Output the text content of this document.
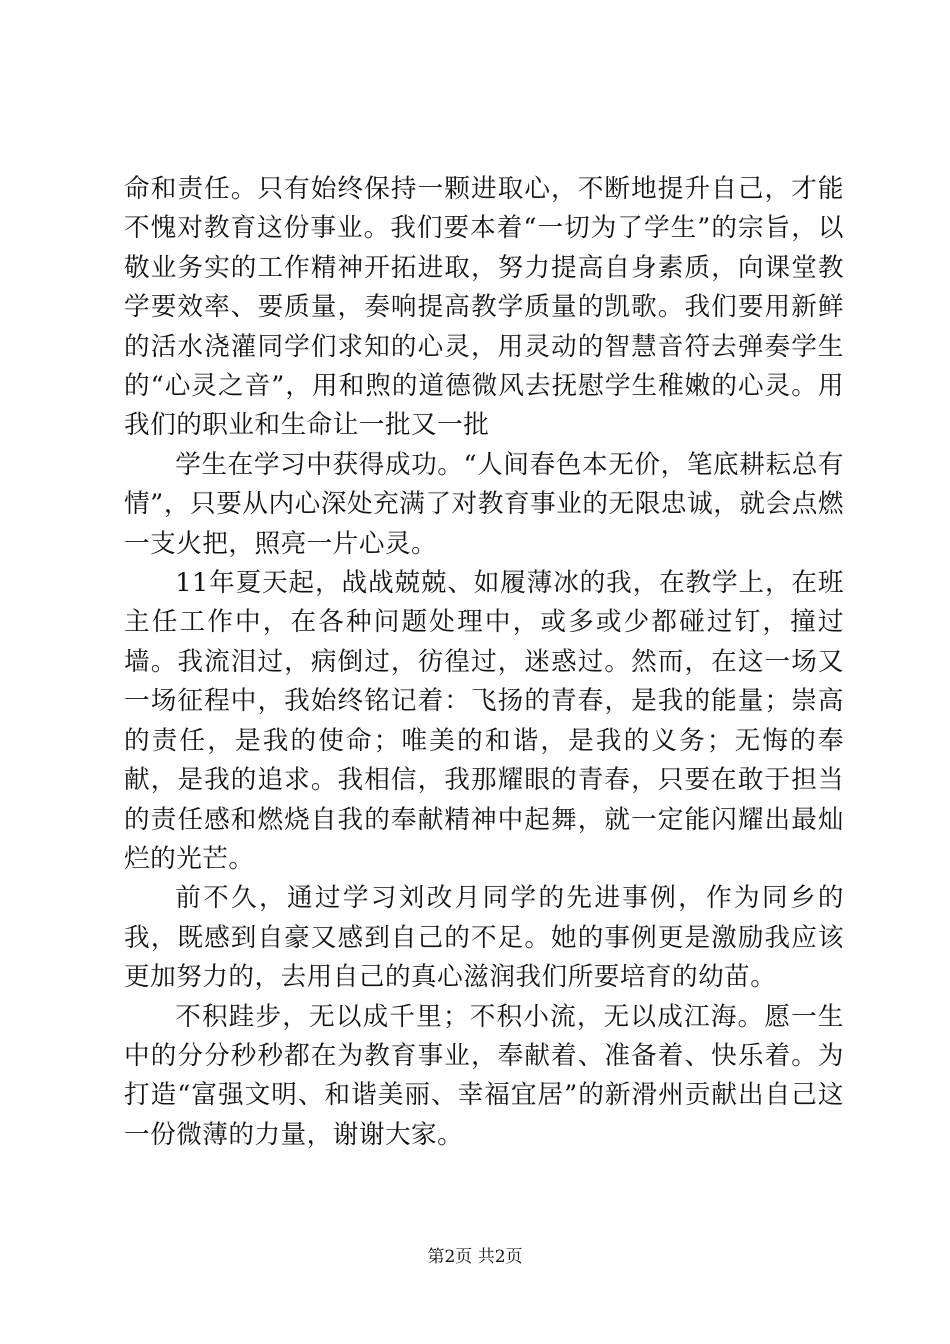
命和责任。只有始终保持一颗进取心，不断地提升自己，才能不愧对教育这份事业。我们要本着“一切为了学生”的宗旨，以敬业务实的工作精神开拓进取，努力提高自身素质，向课堂教学要效率、要质量，奏响提高教学质量的凯歌。我们要用新鲜的活水浇灌同学们求知的心灵，用灵动的智慧音符去弹奏学生的“心灵之音”，用和煦的道德微风去抚慰学生稚嫩的心灵。用我们的职业和生命让一批又一批

学生在学习中获得成功。“人间春色本无价，笔底耕耘总有情”，只要从内心深处充满了对教育事业的无限忠诚，就会点燃一支火把，照亮一片心灵。

11年夏天起，战战兢兢、如履薄冰的我，在教学上，在班主任工作中，在各种问题处理中，或多或少都碰过钉，撞过墙。我流泪过，病倒过，彷徨过，迷惑过。然而，在这一场又一场征程中，我始终铭记着：飞扬的青春，是我的能量；崇高的责任，是我的使命；唯美的和谐，是我的义务；无悔的奉献，是我的追求。我相信，我那耀眼的青春，只要在敢于担当的责任感和燃烧自我的奉献精神中起舞，就一定能闪耀出最灿烂的光芒。

前不久，通过学习刘改月同学的先进事例，作为同乡的我，既感到自豪又感到自己的不足。她的事例更是激励我应该更加努力的，去用自己的真心滋润我们所要培育的幼苗。

不积跬步，无以成千里；不积小流，无以成江海。愿一生中的分分秒秒都在为教育事业，奉献着、准备着、快乐着。为打造“富强文明、和谐美丽、幸福宜居”的新滑州贡献出自己这一份微薄的力量，谢谢大家。

第2页 共2页
